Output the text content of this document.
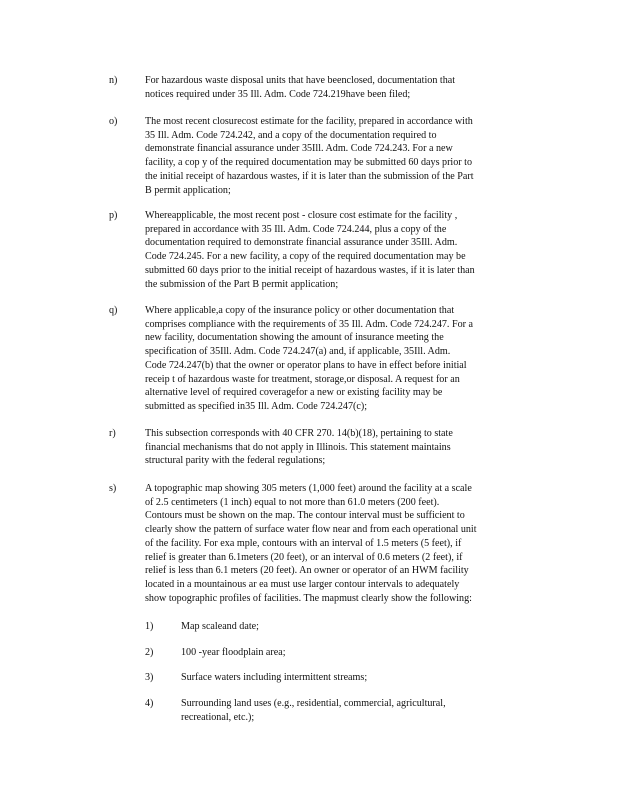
n)	For hazardous waste disposal units that have beenclosed, documentation that

notices required under 35 Ill. Adm. Code 724.219have been filed;

o)	The most recent closurecost estimate for the facility, prepared in accordance with

35 Ill. Adm. Code 724.242, and a copy of the documentation required to

demonstrate financial assurance under 35Ill. Adm. Code 724.243. For a new

facility, a cop y of the required documentation may be submitted 60 days prior to

the initial receipt of hazardous wastes, if it is later than the submission of the Part

B permit application;

p)	Whereapplicable, the most recent post - closure cost estimate for the facility ,

prepared in accordance with 35 Ill. Adm. Code 724.244, plus a copy of the

documentation required to demonstrate financial assurance under 35Ill. Adm.

Code 724.245. For a new facility, a copy of the required documentation may be

submitted 60 days prior to the initial receipt of hazardous wastes, if it is later than

the submission of the Part B permit application;

q)	Where applicable,a copy of the insurance policy or other documentation that

comprises compliance with the requirements of 35 Ill. Adm. Code 724.247. For a

new facility, documentation showing the amount of insurance meeting the

specification of 35Ill. Adm. Code 724.247(a) and, if applicable, 35Ill. Adm.

Code 724.247(b) that the owner or operator plans to have in effect before initial

receip t of hazardous waste for treatment, storage,or disposal. A request for an

alternative level of required coveragefor a new or existing facility may be

submitted as specified in35 Ill. Adm. Code 724.247(c);

r)	This subsection corresponds with 40 CFR 270. 14(b)(18), pertaining to state

financial mechanisms that do not apply in Illinois. This statement maintains

structural parity with the federal regulations;

s)	A topographic map showing 305 meters (1,000 feet) around the facility at a scale

of 2.5 centimeters (1 inch) equal to not more than 61.0 meters (200 feet).

Contours must be shown on the map. The contour interval must be sufficient to

clearly show the pattern of surface water flow near and from each operational unit

of the facility. For exa mple, contours with an interval of 1.5 meters (5 feet), if

relief is greater than 6.1meters (20 feet), or an interval of 0.6 meters (2 feet), if

relief is less than 6.1 meters (20 feet). An owner or operator of an HWM facility

located in a mountainous ar ea must use larger contour intervals to adequately

show topographic profiles of facilities. The mapmust clearly show the following:

1)	Map scaleand date;

2)	100 -year floodplain area;

3)	Surface waters including intermittent streams;

4)	Surrounding land uses (e.g., residential, commercial, agricultural,

recreational, etc.);
